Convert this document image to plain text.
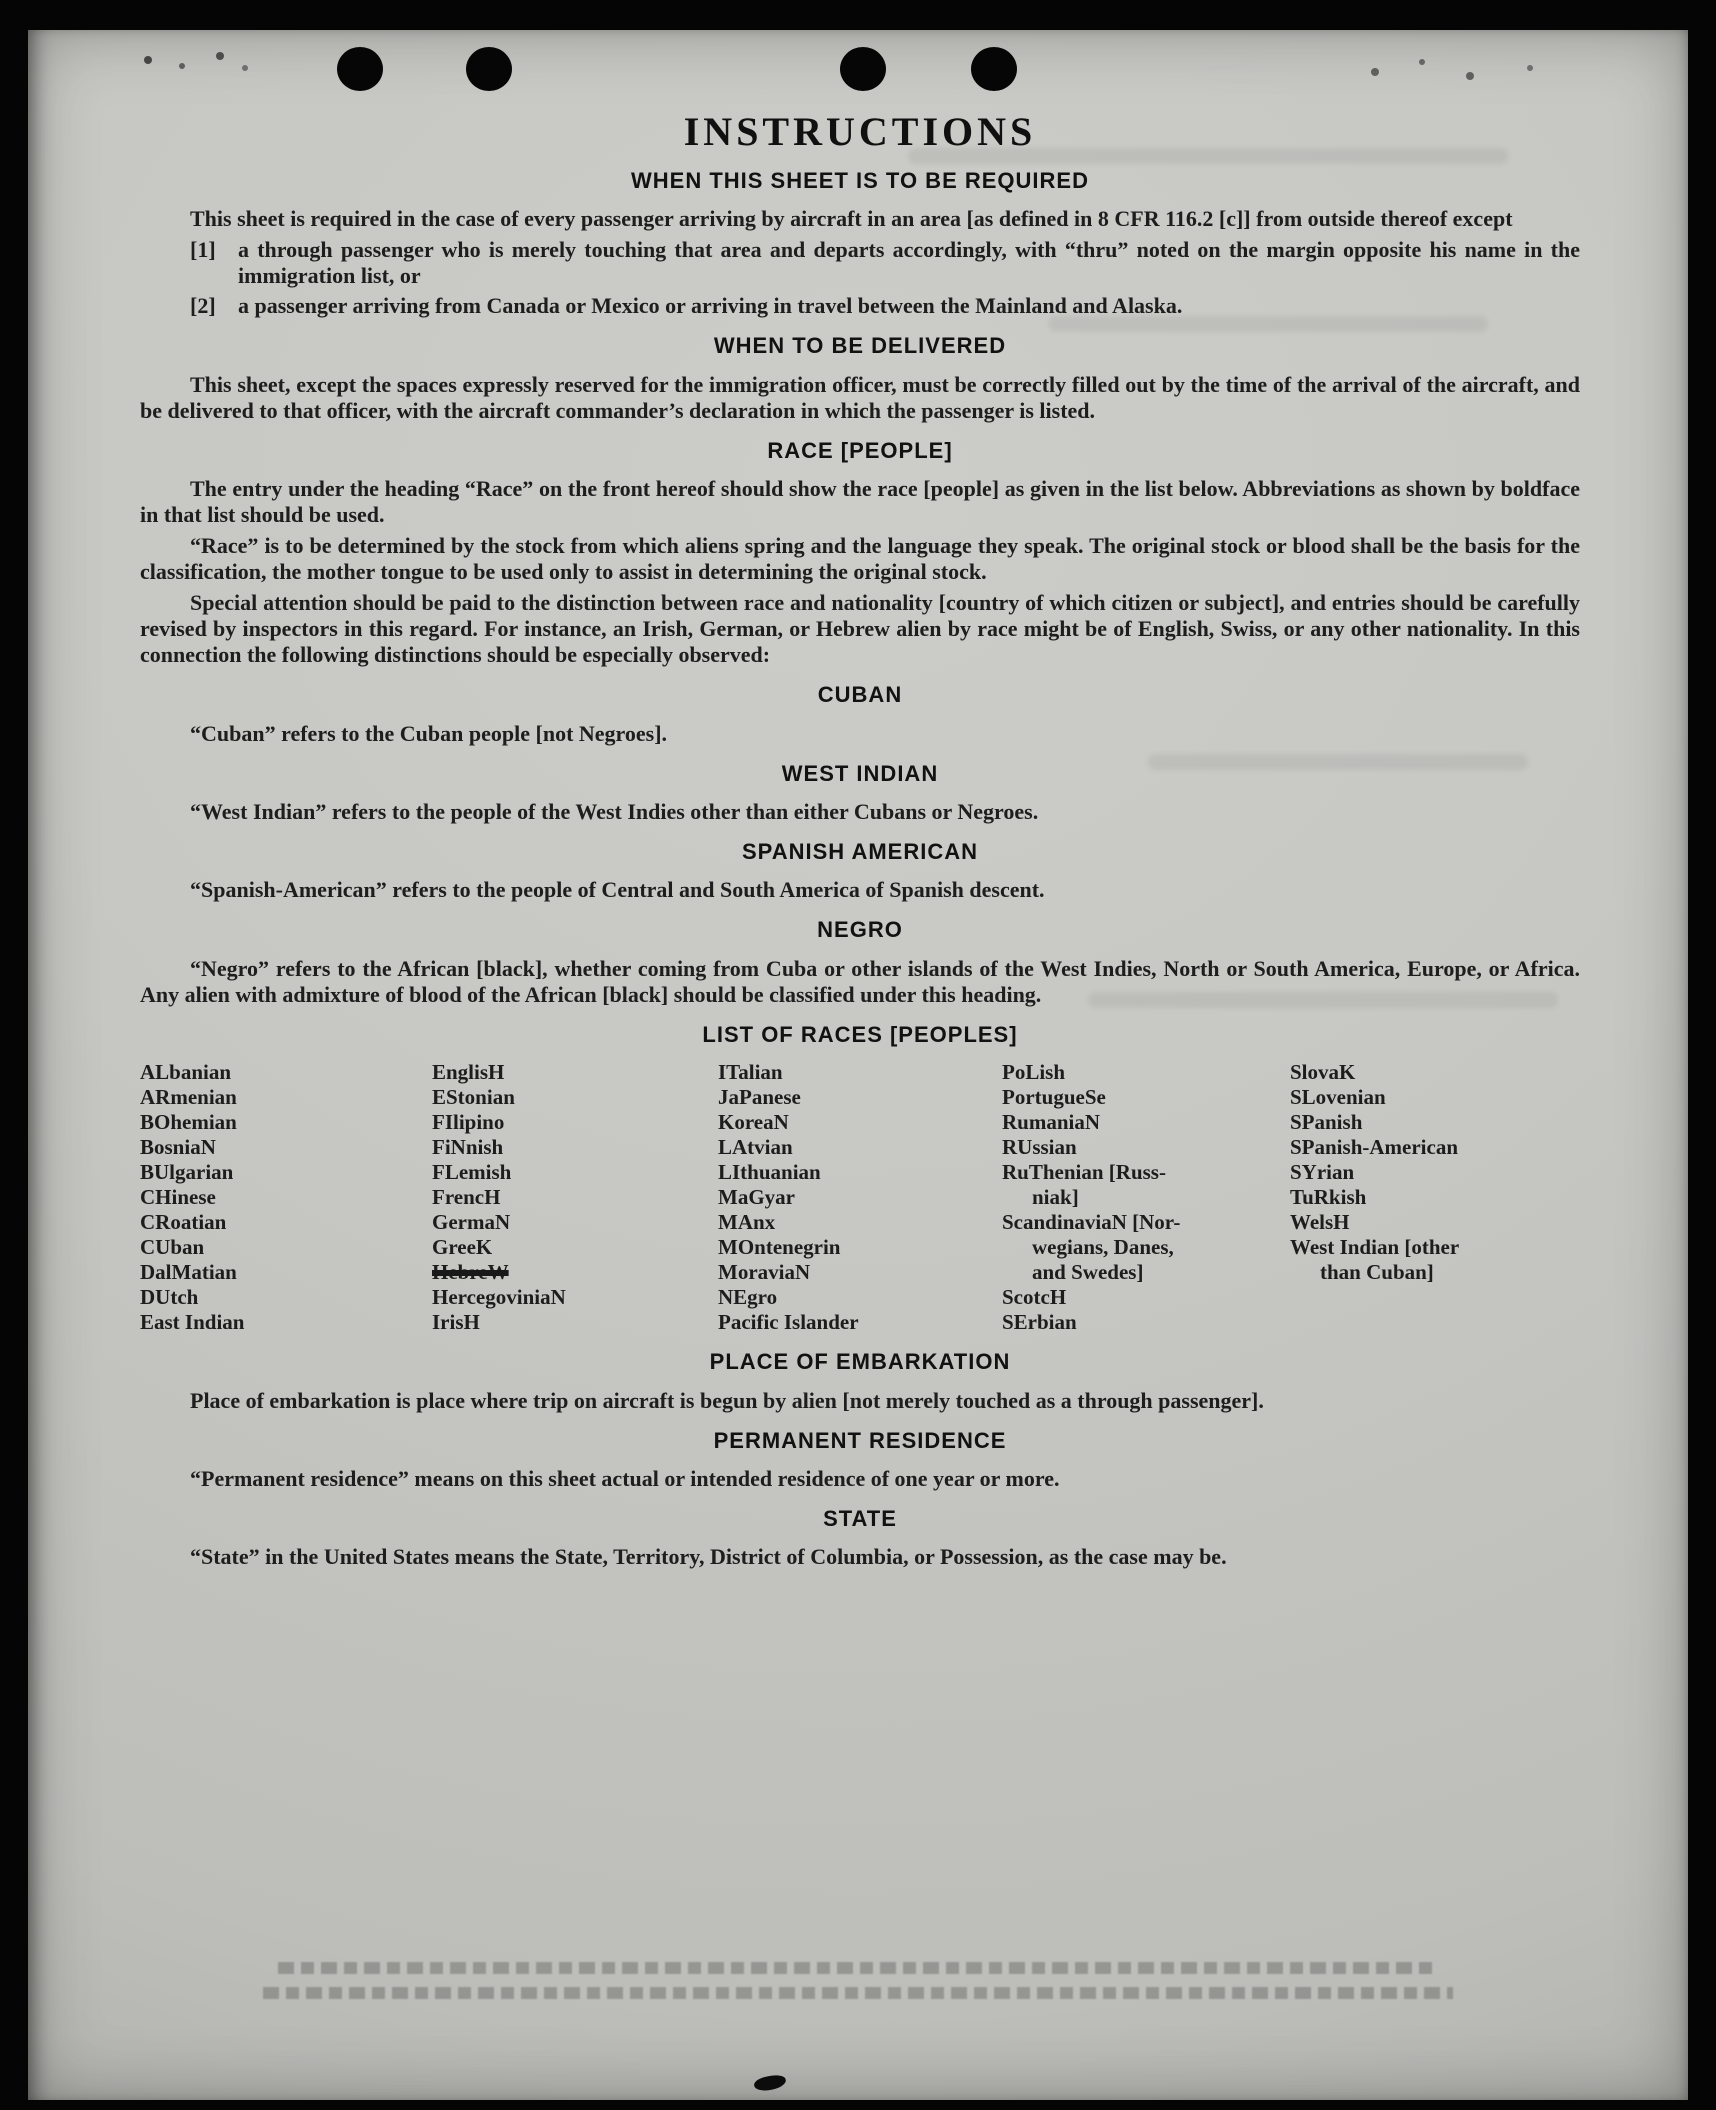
INSTRUCTIONS
WHEN THIS SHEET IS TO BE REQUIRED

This sheet is required in the case of every passenger arriving by aircraft in an area [as defined in 8 CFR 116.2 [c]] from outside thereof except

[1]	a through passenger who is merely touching that area and departs accordingly, with “thru” noted on the margin opposite his name in the immigration list, or
[2]	a passenger arriving from Canada or Mexico or arriving in travel between the Mainland and Alaska.
WHEN TO BE DELIVERED

This sheet, except the spaces expressly reserved for the immigration officer, must be correctly filled out by the time of the arrival of the aircraft, and be delivered to that officer, with the aircraft commander’s declaration in which the passenger is listed.

RACE [PEOPLE]

The entry under the heading “Race” on the front hereof should show the race [people] as given in the list below. Abbreviations as shown by boldface in that list should be used.

“Race” is to be determined by the stock from which aliens spring and the language they speak. The original stock or blood shall be the basis for the classification, the mother tongue to be used only to assist in determining the original stock.

Special attention should be paid to the distinction between race and nationality [country of which citizen or subject], and entries should be carefully revised by inspectors in this regard. For instance, an Irish, German, or Hebrew alien by race might be of English, Swiss, or any other nationality. In this connection the following distinctions should be especially observed:

CUBAN

“Cuban” refers to the Cuban people [not Negroes].

WEST INDIAN

“West Indian” refers to the people of the West Indies other than either Cubans or Negroes.

SPANISH AMERICAN

“Spanish-American” refers to the people of Central and South America of Spanish descent.

NEGRO

“Negro” refers to the African [black], whether coming from Cuba or other islands of the West Indies, North or South America, Europe, or Africa. Any alien with admixture of blood of the African [black] should be classified under this heading.

LIST OF RACES [PEOPLES]
ALbanian
ARmenian
BOhemian
BosniaN
BUlgarian
CHinese
CRoatian
CUban
DalMatian
DUtch
East Indian
EnglisH
EStonian
FIlipino
FiNnish
FLemish
FrencH
GermaN
GreeK
HebreW
HercegoviniaN
IrisH
ITalian
JaPanese
KoreaN
LAtvian
LIthuanian
MaGyar
MAnx
MOntenegrin
MoraviaN
NEgro
Pacific Islander
PoLish
PortugueSe
RumaniaN
RUssian
RuThenian [Russ-
niak]
ScandinaviaN [Nor-
wegians, Danes,
and Swedes]
ScotcH
SErbian
SlovaK
SLovenian
SPanish
SPanish-American
SYrian
TuRkish
WelsH
West Indian [other
than Cuban]
PLACE OF EMBARKATION

Place of embarkation is place where trip on aircraft is begun by alien [not merely touched as a through passenger].

PERMANENT RESIDENCE

“Permanent residence” means on this sheet actual or intended residence of one year or more.

STATE

“State” in the United States means the State, Territory, District of Columbia, or Possession, as the case may be.
